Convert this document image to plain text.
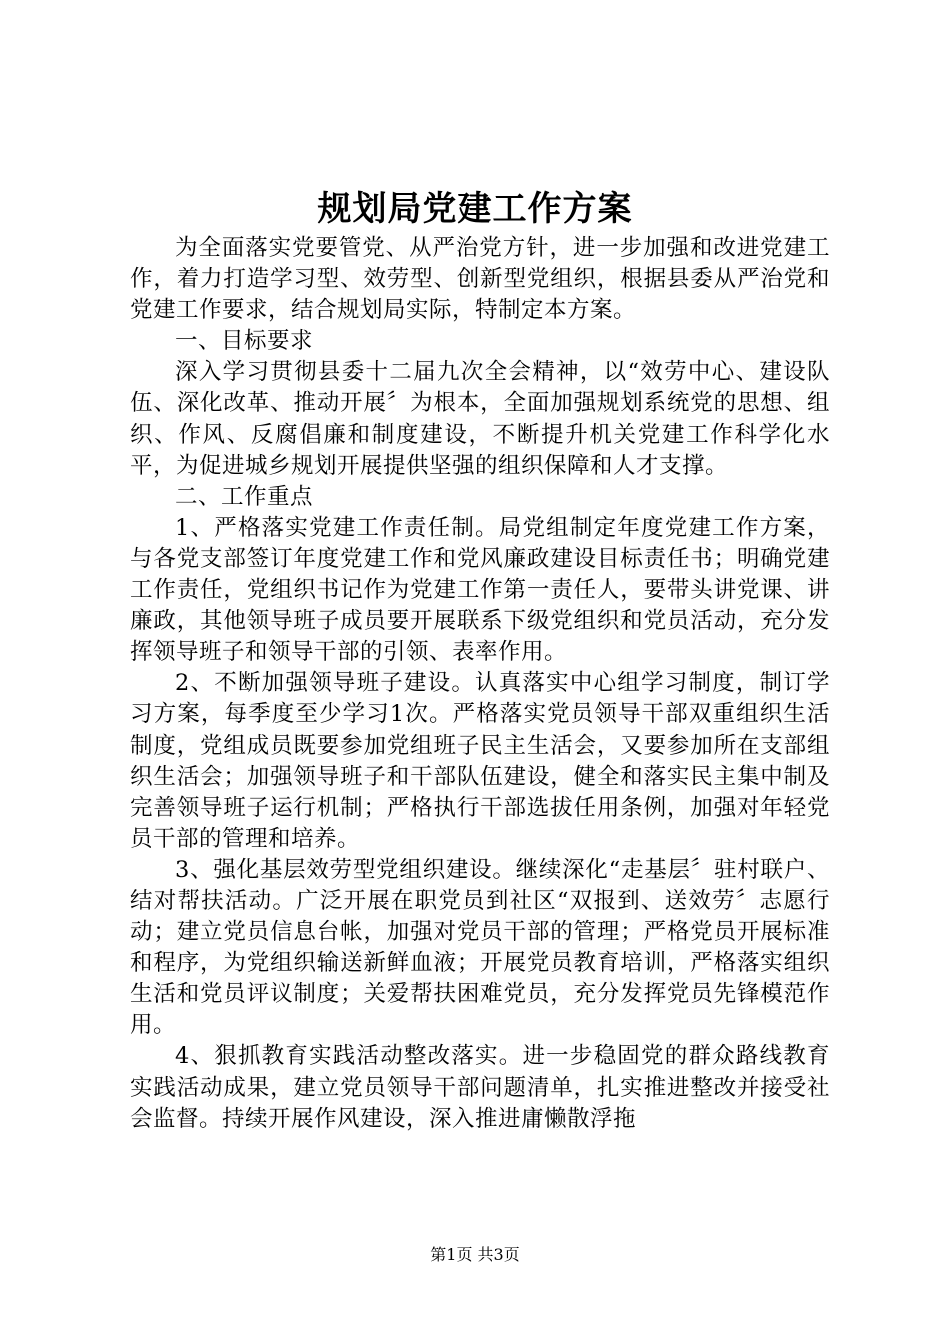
规划局党建工作方案

为全面落实党要管党、从严治党方针，进一步加强和改进党建工作，着力打造学习型、效劳型、创新型党组织，根据县委从严治党和党建工作要求，结合规划局实际，特制定本方案。

一、目标要求

深入学习贯彻县委十二届九次全会精神，以“效劳中心、建设队伍、深化改革、推动开展〞为根本，全面加强规划系统党的思想、组织、作风、反腐倡廉和制度建设，不断提升机关党建工作科学化水平，为促进城乡规划开展提供坚强的组织保障和人才支撑。

二、工作重点

1、严格落实党建工作责任制。局党组制定年度党建工作方案，与各党支部签订年度党建工作和党风廉政建设目标责任书；明确党建工作责任，党组织书记作为党建工作第一责任人，要带头讲党课、讲廉政，其他领导班子成员要开展联系下级党组织和党员活动，充分发挥领导班子和领导干部的引领、表率作用。

2、不断加强领导班子建设。认真落实中心组学习制度，制订学习方案，每季度至少学习1次。严格落实党员领导干部双重组织生活制度，党组成员既要参加党组班子民主生活会，又要参加所在支部组织生活会；加强领导班子和干部队伍建设，健全和落实民主集中制及完善领导班子运行机制；严格执行干部选拔任用条例，加强对年轻党员干部的管理和培养。

3、强化基层效劳型党组织建设。继续深化“走基层〞驻村联户、结对帮扶活动。广泛开展在职党员到社区“双报到、送效劳〞志愿行动；建立党员信息台帐，加强对党员干部的管理；严格党员开展标准和程序，为党组织输送新鲜血液；开展党员教育培训，严格落实组织生活和党员评议制度；关爱帮扶困难党员，充分发挥党员先锋模范作用。

4、狠抓教育实践活动整改落实。进一步稳固党的群众路线教育实践活动成果，建立党员领导干部问题清单，扎实推进整改并接受社会监督。持续开展作风建设，深入推进庸懒散浮拖

第1页 共3页
